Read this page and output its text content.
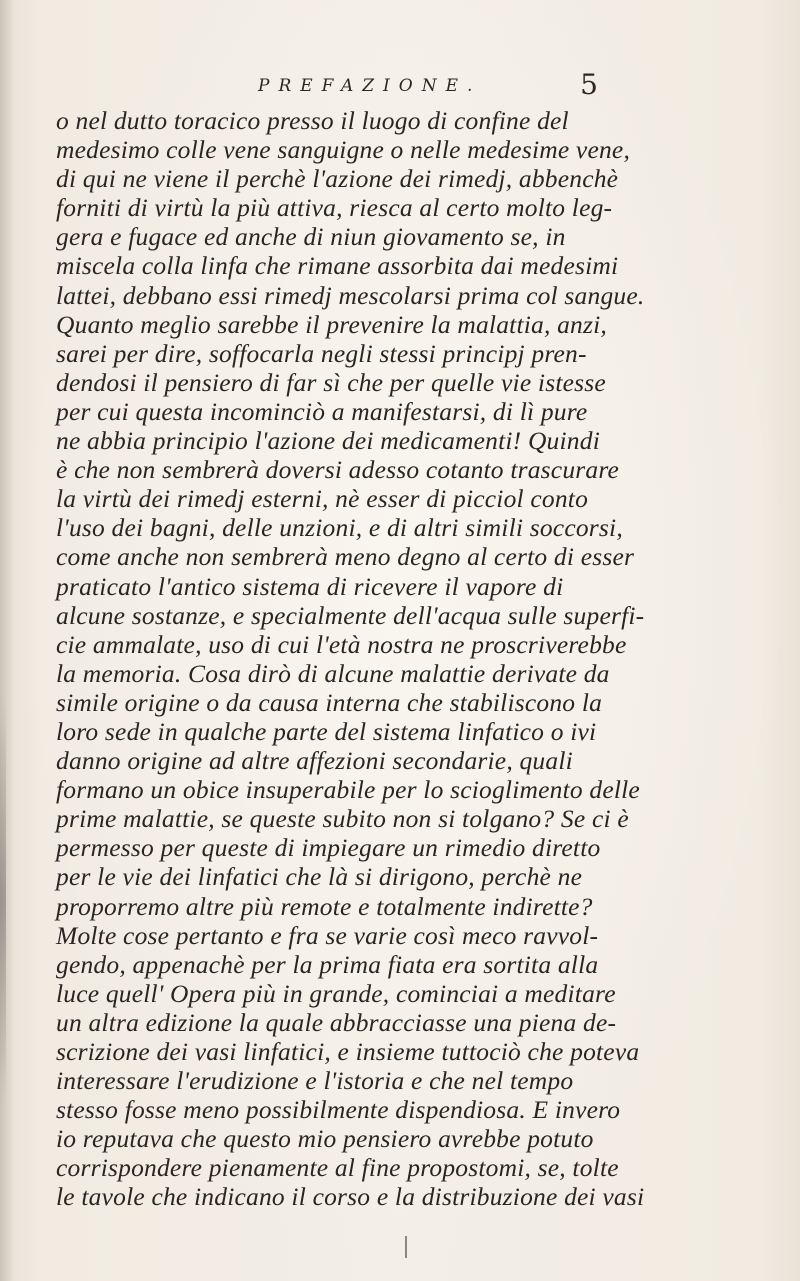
PREFAZIONE.	5
o nel dutto toracico presso il luogo di confine del
medesimo colle vene sanguigne o nelle medesime vene,
di qui ne viene il perchè l'azione dei rimedj, abbenchè
forniti di virtù la più attiva, riesca al certo molto leg-
gera e fugace ed anche di niun giovamento se, in
miscela colla linfa che rimane assorbita dai medesimi
lattei, debbano essi rimedj mescolarsi prima col sangue.
Quanto meglio sarebbe il prevenire la malattia, anzi,
sarei per dire, soffocarla negli stessi principj pren-
dendosi il pensiero di far sì che per quelle vie istesse
per cui questa incominciò a manifestarsi, di lì pure
ne abbia principio l'azione dei medicamenti! Quindi
è che non sembrerà doversi adesso cotanto trascurare
la virtù dei rimedj esterni, nè esser di picciol conto
l'uso dei bagni, delle unzioni, e di altri simili soccorsi,
come anche non sembrerà meno degno al certo di esser
praticato l'antico sistema di ricevere il vapore di
alcune sostanze, e specialmente dell'acqua sulle superfi-
cie ammalate, uso di cui l'età nostra ne proscriverebbe
la memoria. Cosa dirò di alcune malattie derivate da
simile origine o da causa interna che stabiliscono la
loro sede in qualche parte del sistema linfatico o ivi
danno origine ad altre affezioni secondarie, quali
formano un obice insuperabile per lo scioglimento delle
prime malattie, se queste subito non si tolgano? Se ci è
permesso per queste di impiegare un rimedio diretto
per le vie dei linfatici che là si dirigono, perchè ne
proporremo altre più remote e totalmente indirette?
Molte cose pertanto e fra se varie così meco ravvol-
gendo, appenachè per la prima fiata era sortita alla
luce quell' Opera più in grande, cominciai a meditare
un altra edizione la quale abbracciasse una piena de-
scrizione dei vasi linfatici, e insieme tuttociò che poteva
interessare l'erudizione e l'istoria e che nel tempo
stesso fosse meno possibilmente dispendiosa. E invero
io reputava che questo mio pensiero avrebbe potuto
corrispondere pienamente al fine propostomi, se, tolte
le tavole che indicano il corso e la distribuzione dei vasi
